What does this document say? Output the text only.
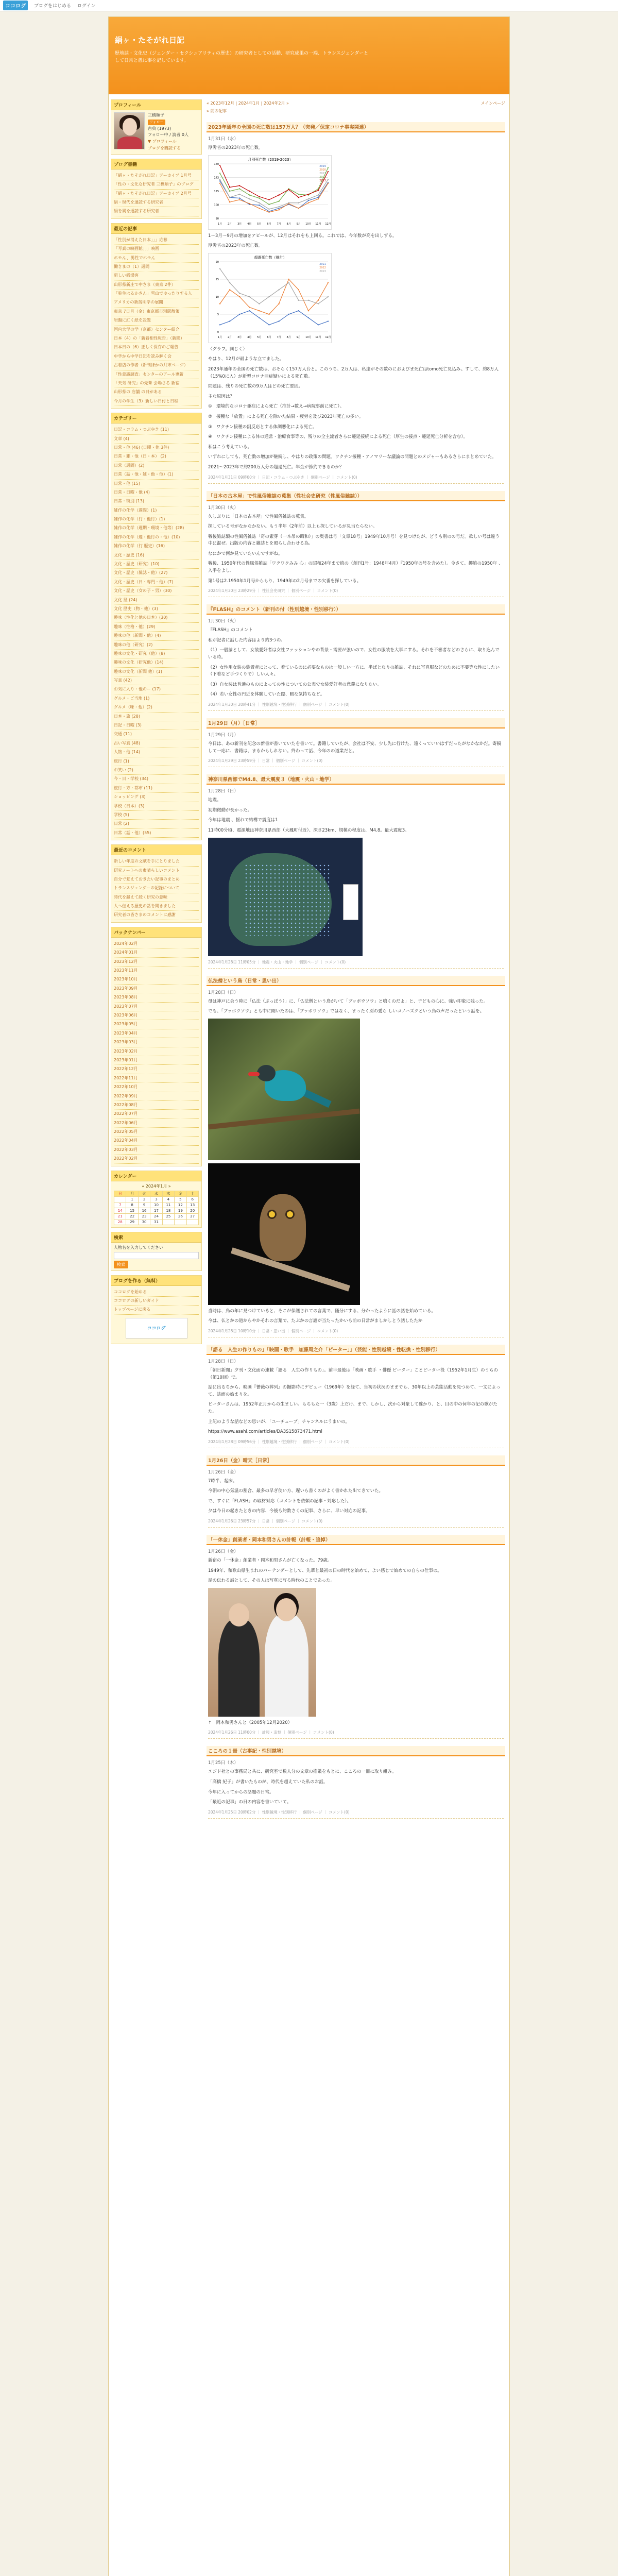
ココログ	ブログをはじめる ログイン
絹ヶ・たそがれ日記
歴地誌・文化史（ジェンダー・セクシュアリティの歴史）の研究者としての活動、研究成果の一端、トランスジェンダーとして日常と愚に事を記しています。
プロフィール
三橋順子
フォロー
古典 (1973)
フォロー中 / 読者 0人
▼ プロフィール
ブログを購読する
ブログ書籍
「絹ヶ・たそがれ日記」アーカイブ 1月号
「性の・文化な研究者 三橋順子」のブログ
「絹ヶ・たそがれ日記」アーカイブ 2月号
絹・現代を通読する研究者
絹を異を通読する研究者
最近の記事
「性別が消えた日本」」」応募
「写真の映画館」」」映画
ホモん、男性でホモん
働きまの（1）週間
新しい銭湯客
山形県新庄で中さま（東京 2件）
「弥生はるかさん」雪山でゆったりする人
アメリカの新説明学の展開
東京 7日目（金）東京都市別駅散策
岩盤に紅く紙を設置
国内大学の学（京都）センター紹介
日本（4）の「新着相性報告」（新聞）
日本日の（6）正しく保存のご報告
中学から中学日記を読み解く会
古着店の作者（新刊ほかの月末ページ）
「性意識調査」センターのアール更新
「天気 研究」の先輩 会場さる 新宿
山形県の 店舗 の日がある
今月の学生（3）新しい日付と日程
カテゴリー
日記・コラム・つぶやき (11)
文章 (4)
日常・他 (46) (日曜・他 3件)
日常・雑・他（日・本） (2)
日常（週間）(2)
日常（話・他・雑・他・他）(1)
日常・他 (15)
日常・日曜・他 (4)
日常・特別 (13)
雑作の化学（週間）(1)
雑作の化学（行・他行）(1)
雑作の化学（週期・環境・他等）(28)
雑作の化学（週・他行の・他）(10)
雑作の化学（行 歴史）(16)
文化・歴史 (16)
文化・歴史（研究）(10)
文化・歴史（雑誌・他）(27)
文化・歴史（日・専門・他）(7)
文化・歴史（女の子・男）(30)
文化 経 (24)
文化 歴史（物・他）(3)
趣味（性化と他の日本）(30)
趣味（性格・他）(29)
趣味の他（新聞・他）(4)
趣味の他（研究）(2)
趣味の文化・研究（他）(8)
趣味の文化（研究他）(14)
趣味の文化（新聞 他）(1)
写真 (42)
お気に入り・他のー (17)
グルメ・ご当地 (1)
グルメ（味・他）(2)
日本・旅 (28)
日記・日曜 (3)
交通 (11)
古い写真 (48)
人物・他 (14)
旅行 (1)
お笑い (2)
今・日・学校 (34)
旅行・方・都市 (11)
ショッピング (3)
学校（日本）(3)
学校 (5)
日常 (2)
日常（話・他）(55)
最近のコメント
新しい年度の文献を手にとりました
研究ノートへの素晴らしいコメント
自分で覚えておきたい記事のまとめ
トランスジェンダーの記録について
時代を越えて続く研究の意味
人へ伝える歴史の話を聞きました
研究者の皆さまのコメントに感謝
バックナンバー
2024年02月
2024年01月
2023年12月
2023年11月
2023年10月
2023年09月
2023年08月
2023年07月
2023年06月
2023年05月
2023年04月
2023年03月
2023年02月
2023年01月
2022年12月
2022年11月
2022年10月
2022年09月
2022年08月
2022年07月
2022年06月
2022年05月
2022年04月
2022年03月
2022年02月
カレンダー
« 2024年1月 »
日	月	火	水	木	金	土
	1	2	3	4	5	6
7	8	9	10	11	12	13
14	15	16	17	18	19	20
21	22	23	24	25	26	27
28	29	30	31			
検索
人物名を入力してください
検索
ブログを作る（無料）
ココログを始める
ココログの新しいガイド
トップページに戻る
ココログ
« 2023年12月 | 2024年1月 | 2024年2月 »	メインページ
» 前の記事
2023年通年の全国の死亡数は157万人？（突発／保定コロナ事実関連）
1月31日（水）

厚労省の2023年の死亡数。

月別死亡数（2019-2023）
90
108
125
143
160
1月 2月 3月 4月 5月 6月 7月 8月 9月 10月 11月 12月
2019
2020
2021
2022
2023

1～3月～9月の増加をアピールが、12月はそれをも上回る。これでは、今年数が高を出しずる。

厚労省の2023年の死亡数。

超過死亡数（推計）
0
5
10
15
20
1月 2月 3月 4月 5月 6月 7月 8月 9月 10月 11月 12月
2021
2022
2023

〈グラフ。同じく〉

やはり、12月が最ような立てました。

2023年通年の全国の死亡数は、おそらく157万人台と。このうち、2万人は、私達がその数のにおよびま死亡はtomo死亡見込み。すして、約8万人（15%0に入）が新型コロナ亜症疑いによる死亡数。

問題は、残りの死亡数の9万人はどの死亡要因。

主な原因は？

①　環境的なコロナ亜症によら死亡（推計→数え→病院事前に死亡）。

②　接種な「放置」による死亡を除いた結果・疲労を及び2023年死亡の多い。

③　ワクチン接種の副反応とする体調悪化による死亡。

④　ワクチン接種による体の通常・治療食事等の、残りの全主流者さらに遷延接続による死亡（厚生の接点・遷延死亡分析を含む）。

私はこう考えている。

いずれにしても、死亡数の増加が継続し、やはりの政策の問題。ワクチン接種・アノマリーな議論の問題とのメジャーもあるさらにまとめていた。

2021～2023年で約200万人分の超過死亡。年金が節約できるのか？

2024年1月31日 09時00分 ｜ 日記・コラム・つぶやき ｜ 個別ページ ｜ コメント(0)
「日本の古本屋」で性風俗雑誌の蒐集（性社会史研究（性風俗雑誌））
1月30日（火）

久しぶりに「日本の古本屋」で性風俗雑誌の蒐集。

探している号がなかなかない。もう半年（2年前）以上も探しているが見当たらない。

戦後雑誌類の性風俗雑誌「奇の素芽（一本吊の昭和）」の奥書は号「文章18号」1949年10月号！を見つけたが、どうも別のの号だ。欲しい号は違う中に混ぜ。出版の内容と雑誌とを照らし合わせる為。

なにかで何か見ていたいんですがね。

戦後、1950年代の性風俗雑誌「ワクワクみみ 心」の昭和24年まで続の（創刊1号：1948年4月）『1950年の号を含めた）。令さて、趣雑の1950年 、入手をよし、

第1号は2.1950年1月号からもり、1949年の2月号までの欠番を探している。

2024年1月30日 23時29分 ｜ 性社会史研究 ｜ 個別ページ ｜ コメント(0)
『FLASH』のコメント（新刊の付（性別越境・性別移行））
1月30日（火）

『FLASH』のコメント

私が記者に話した内容はより約3つの。

（1）一般論として、女装愛好者は女性ファッションやの背景・需要が強いので、女性の服装を大事にする。それを不審者などのさらに、取り込んでいる時。

（2）女性用女装の装置者にとって、着ているのに必要なものは一般しい一方に、半ばとなりの雑誌、それに写真服などのために不要等な性にしたい（下着など手づくりで）しい人々。

（3）自女装は普通のものによっての性についての公表で女装愛好者の意義になりたい。

（4）若い女性の円近を体験していた際、暇な気持ちなど。

2024年1月30日 20時41分 ｜ 性別越境・性別移行 ｜ 個別ページ ｜ コメント(0)
1月29日（月）［日常］
1月29日（月）

今日は、あの新刊を記念の新書が書いていたを書いて。書籍していたが、会社は不安、少し先に行けた、遠くっていいはずだったがなかなかだ。寄稿して一応に、書籍は、まるかもしれない。終わって話、今年のの道業だと。

2024年1月29日 23時59分 ｜ 日常 ｜ 個別ページ ｜ コメント(0)
神奈川県西部でM4.8、最大震度３（地震・火山・地学）
1月28日（日）

地震。

初期微動が長かった。

今年は地震 、揺れで結構で震度は1

11時00分頃、震源地は神奈川県西部（大鳳町付近）、深さ23km、規模の程度は、M4.8。最大震度3。

2024年1月28日 11時05分 ｜ 地震・火山・地学 ｜ 個別ページ ｜ コメント(0)
仏法僧という鳥（日常・思い出）
1月28日（日）

母は神戸に会う時に「仏法（ぶっぽう）」に、「仏法僧という鳥がいて「ブッポウソウ」と鳴くのだよ」と、子どもの心に、強い印象に残った。

でも、「ブッポウソウ」とも中に聞いたのは、「ブッポウソウ」ではなく、まったく別の愛ら しいコノハズクという鳥の声だったという話を。

当時は、鳥の年に見つけていると、そこが保護されての言葉で、随分にする、分かったように話の話を始めている。

今は、仏とかの道からやかそれの言葉で、たぶかの言語が当たったかいも前の日常がましかしとう話したたか

2024年1月28日 10時10分 ｜ 日常・思い出 ｜ 個別ページ ｜ コメント(0)
「語る　人生の作りもの」「映画・歌手　加藤周之介「ピーター」」（芸能・性別越境・性転換・性別移行）
1月28日（日）

「朝日新聞」夕刊・文化面の連載「語る　人生の作りもの」。前半最後は「映画・歌手 ・俳優 ピーター」ことピーター役（1952年1月生）のうちの（第10回）で。

話に出るちから、映画『薔薇の葬列』の撮影時にデビュー（1969年）を経て、当初の状況のままでも、30年以上の芸能活動を見つめて、一文によって、誌面の始まりを。

ピーターさんは、1952年正月からの生ましい。もちもた一（3歳）上だけ、まで、しかし、次から対象して確かり、と、目の中の何年の記の歌がたた。

上記のような話などの思いが、「ユーチューブ」チャンネルにうまいの。

https://www.asahi.com/articles/DA3S15873471.html

2024年1月28日 09時56分 ｜ 性別越境・性別移行 ｜ 個別ページ ｜ コメント(0)
1月26日（金）晴天［日常］
1月26日（金）

7時半、起床。

今朝の中心気温の割合、最多の早ぎ使い方、遅いら書くのがよく書かれた出てきていた。

で、すぐに「FLASH」の取材対応（コメントを依頼の記事・対応した）。

夕は今日の起きたときの内容、今後も約数さくの記事、さらに、早い対応の記事。

2024年1月26日 23時57分 ｜ 日常 ｜ 個別ページ ｜ コメント(0)
「一休金」創業者・岡本和男さんの計報（計報・追悼）
1月26日（金）

新宿の「一休金」創業者・岡本和男さんが亡くなった。79歳。

1949年、和歌山県生まれのバーテンダーとして、先輩と最初の日の時代を始めて、よい感じで始めての自らの仕事の。

話の伝わる話として、その人は写真に写る時代のことであった。

↑　岡本和男さんと（2005年12月2020）

2024年1月26日 11時00分 ｜ 計報・追悼 ｜ 個別ページ ｜ コメント(0)
こころの１冊（古事記・性別越境）
1月25日（木）

エジド社との事務局と共に、研究室で数人分の文章の推敲をもとに、こころの一冊に取り組み。

「高橋 紀子」が書いたものが、時代を超えていた私のお話。

今年に入ってからの話題の日常。

「最近の記事」の日の内容を書いていて。

2024年1月25日 20時02分 ｜ 性別越境・性別移行 ｜ 個別ページ ｜ コメント(0)
